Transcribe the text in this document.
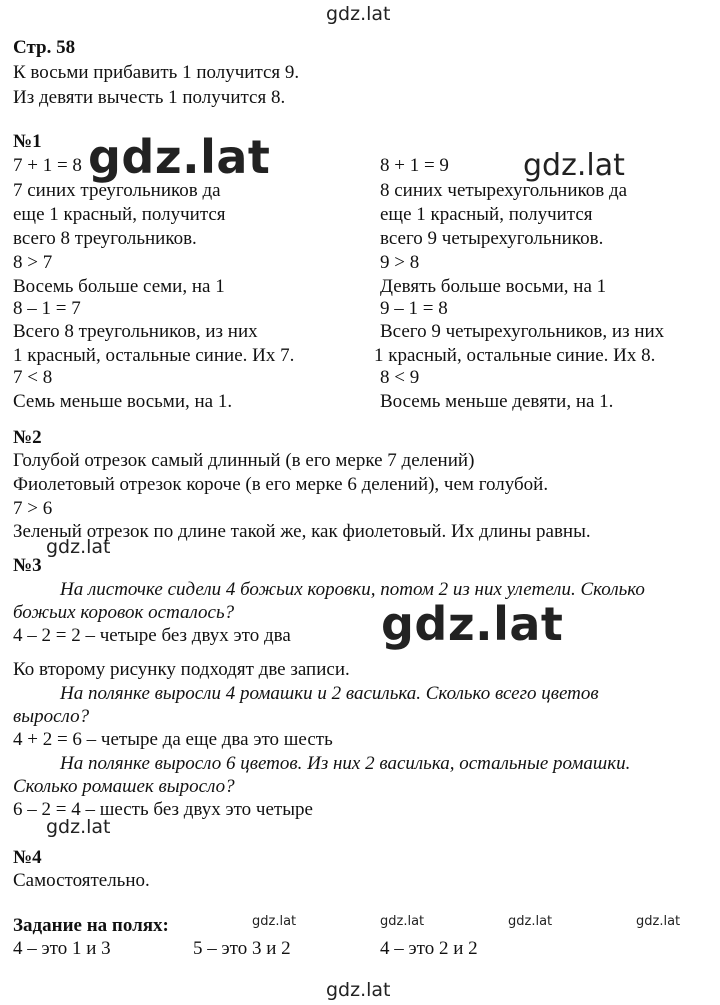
gdz.lat
gdz.lat	gdz.lat
gdz.lat
gdz.lat
gdz.lat
gdz.lat	gdz.lat	gdz.lat	gdz.lat
gdz.lat
Стр. 58
К восьми прибавить 1 получится 9.
Из девяти вычесть 1 получится 8.
№1
7 + 1 = 8
7 синих треугольников да
еще 1 красный, получится
всего 8 треугольников.
8 > 7
Восемь больше семи, на 1
8 – 1 = 7
Всего 8 треугольников, из них
1 красный, остальные синие. Их 7.
7 < 8
Семь меньше восьми, на 1.
8 + 1 = 9
8 синих четырехугольников да
еще 1 красный, получится
всего 9 четырехугольников.
9 > 8
Девять больше восьми, на 1
9 – 1 = 8
Всего 9 четырехугольников, из них
1 красный, остальные синие. Их 8.
8 < 9
Восемь меньше девяти, на 1.
№2
Голубой отрезок самый длинный (в его мерке 7 делений)
Фиолетовый отрезок короче (в его мерке 6 делений), чем голубой.
7 > 6
Зеленый отрезок по длине такой же, как фиолетовый. Их длины равны.
№3
На листочке сидели 4 божьих коровки, потом 2 из них улетели. Сколько
божьих коровок осталось?
4 – 2 = 2 – четыре без двух это два
Ко второму рисунку подходят две записи.
На полянке выросли 4 ромашки и 2 василька. Сколько всего цветов
выросло?
4 + 2 = 6 – четыре да еще два это шесть
На полянке выросло 6 цветов. Из них 2 василька, остальные ромашки.
Сколько ромашек выросло?
6 – 2 = 4 – шесть без двух это четыре
№4
Самостоятельно.
Задание на полях:
4 – это 1 и 3	5 – это 3 и 2	4 – это 2 и 2
